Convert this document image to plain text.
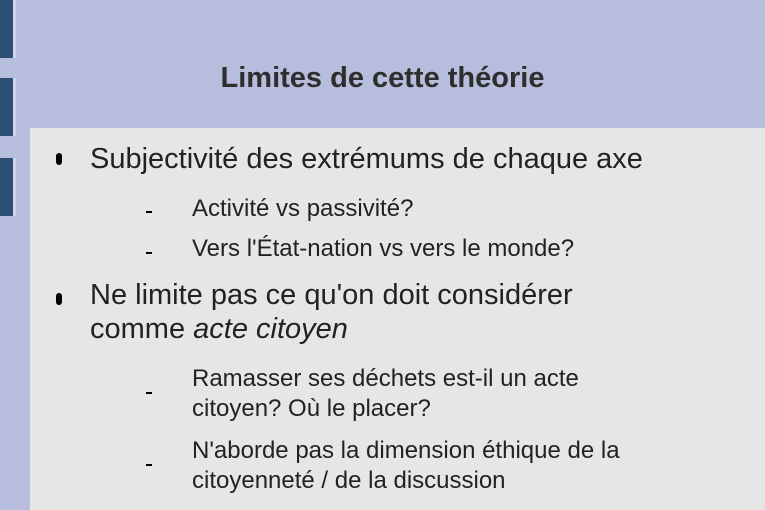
Limites de cette théorie
Subjectivité des extrémums de chaque axe
Activité vs passivité?
Vers l'État-nation vs vers le monde?
Ne limite pas ce qu'on doit considérer
comme acte citoyen
Ramasser ses déchets est-il un acte
citoyen? Où le placer?
N'aborde pas la dimension éthique de la
citoyenneté / de la discussion
